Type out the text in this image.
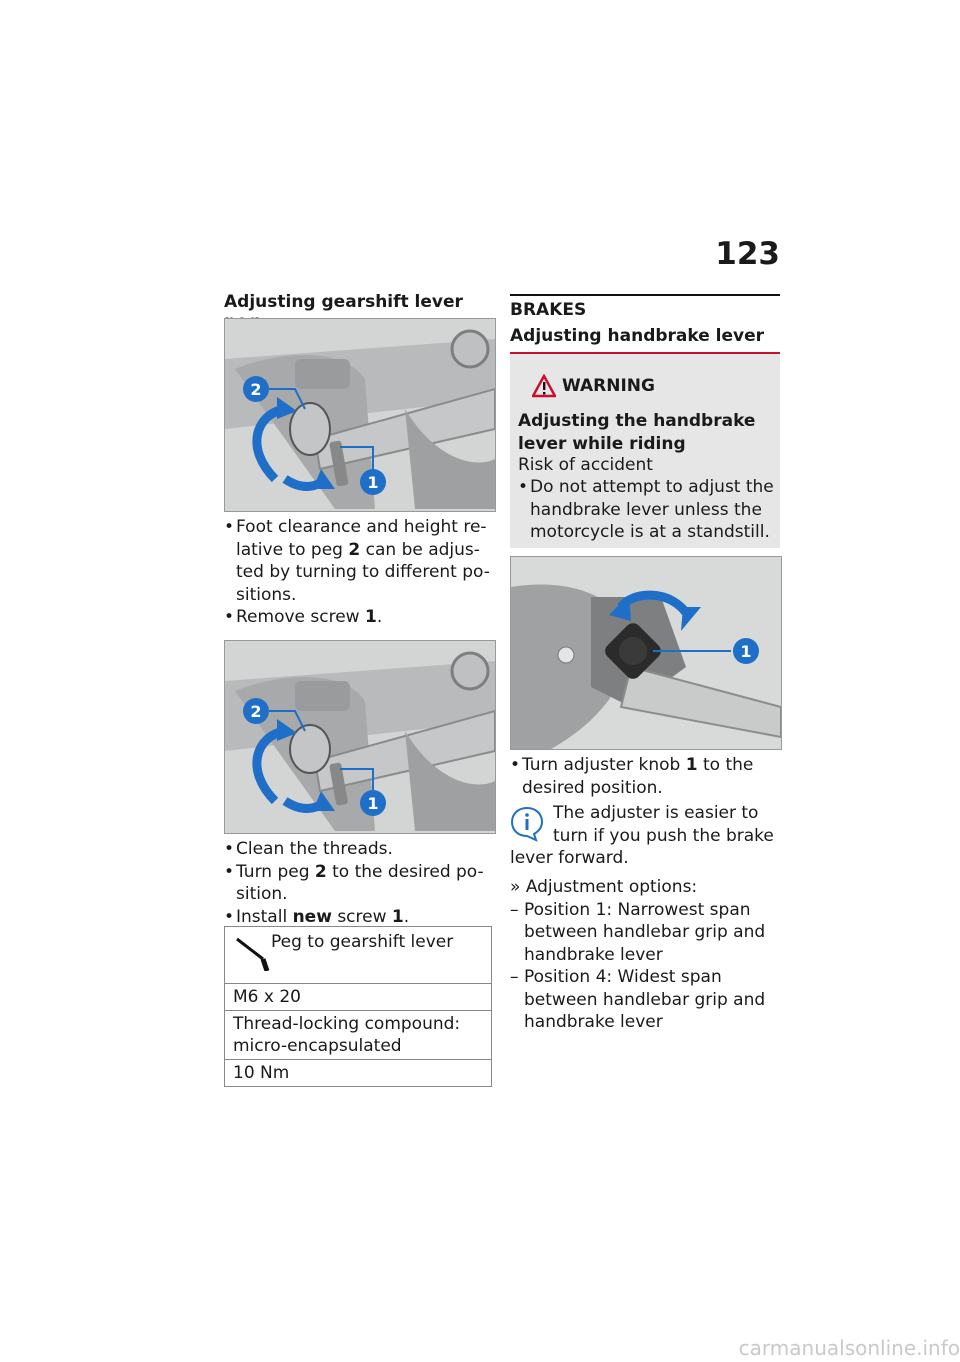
123
Adjusting gearshift lever
2
1
• Foot clearance and height re-
lative to peg 2 can be adjus-
ted by turning to different po-
sitions.
• Remove screw 1.
2
1
• Clean the threads.
• Turn peg 2 to the desired po-
sition.
• Install new screw 1.
Peg to gearshift lever
M6 x 20
Thread-locking compound:
micro-encapsulated
10 Nm
BRAKES
Adjusting handbrake lever
WARNING
Adjusting the handbrake
lever while riding
Risk of accident
• Do not attempt to adjust the
handbrake lever unless the
motorcycle is at a standstill.
1
• Turn adjuster knob 1 to the
desired position.
The adjuster is easier to
turn if you push the brake
lever forward.
» Adjustment options:
– Position 1: Narrowest span
between handlebar grip and
handbrake lever
– Position 4: Widest span
between handlebar grip and
handbrake lever
carmanualsonline.info
